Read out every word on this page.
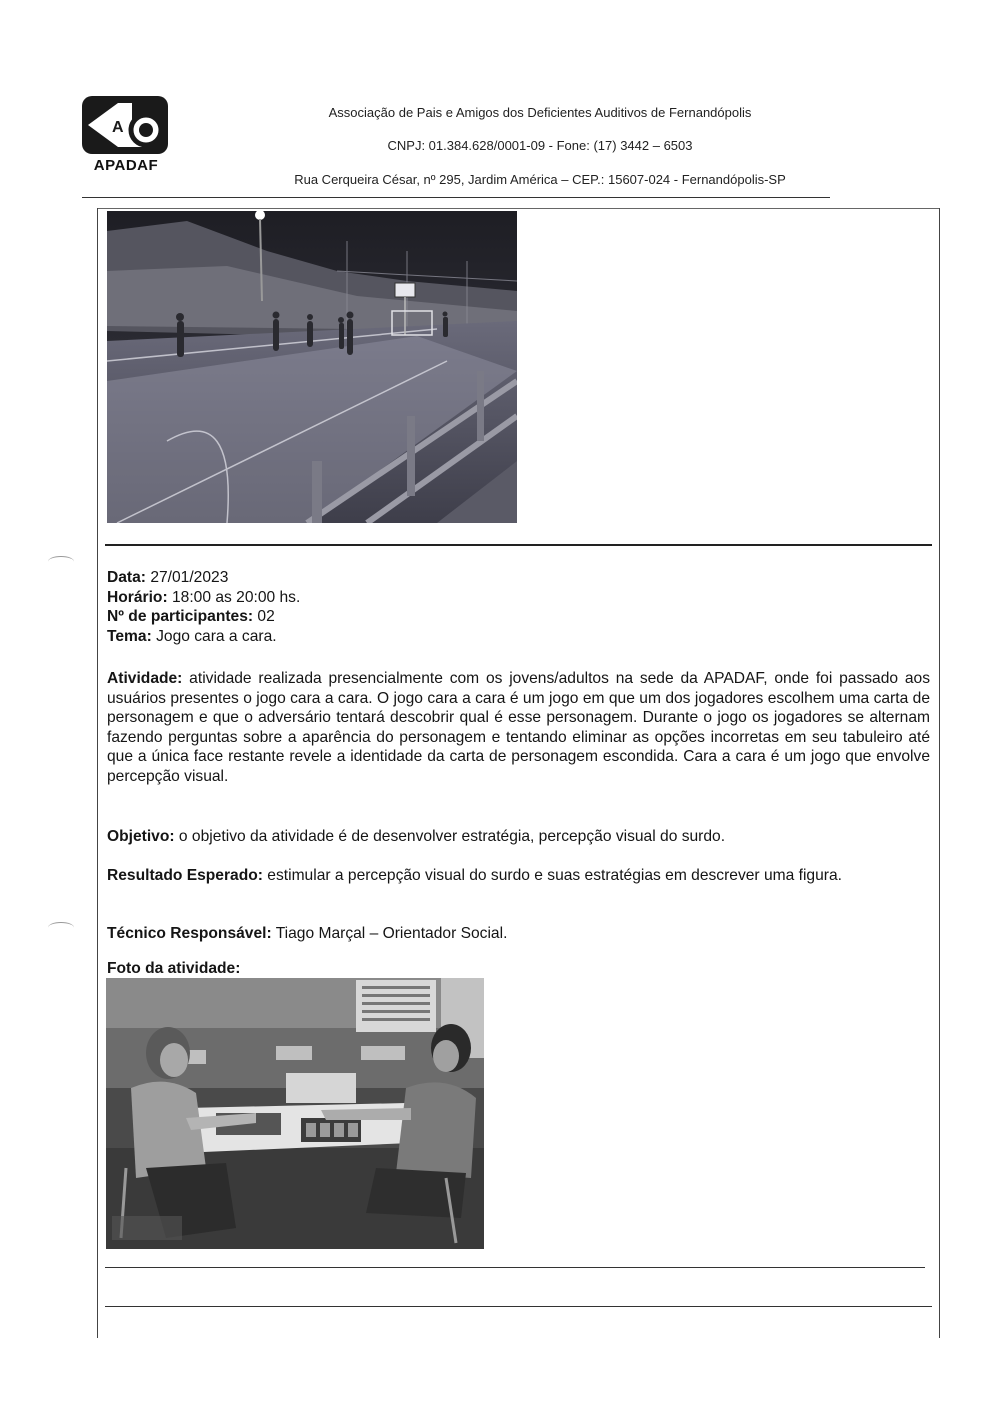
A
APADAF
Associação de Pais e Amigos dos Deficientes Auditivos de Fernandópolis
CNPJ: 01.384.628/0001-09 - Fone: (17) 3442 – 6503
Rua Cerqueira César, nº 295, Jardim América – CEP.: 15607-024 - Fernandópolis-SP
Data: 27/01/2023
Horário: 18:00 as 20:00 hs.
Nº de participantes: 02
Tema: Jogo cara a cara.
Atividade: atividade realizada presencialmente com os jovens/adultos na sede da APADAF, onde foi passado aos usuários presentes o jogo cara a cara. O jogo cara a cara é um jogo em que um dos jogadores escolhem uma carta de personagem e que o adversário tentará descobrir qual é esse personagem. Durante o jogo os jogadores se alternam fazendo perguntas sobre a aparência do personagem e tentando eliminar as opções incorretas em seu tabuleiro até que a única face restante revele a identidade da carta de personagem escondida. Cara a cara é um jogo que envolve percepção visual.
Objetivo: o objetivo da atividade é de desenvolver estratégia, percepção visual do surdo.
Resultado Esperado: estimular a percepção visual do surdo e suas estratégias em descrever uma figura.
Técnico Responsável: Tiago Marçal – Orientador Social.
Foto da atividade:
